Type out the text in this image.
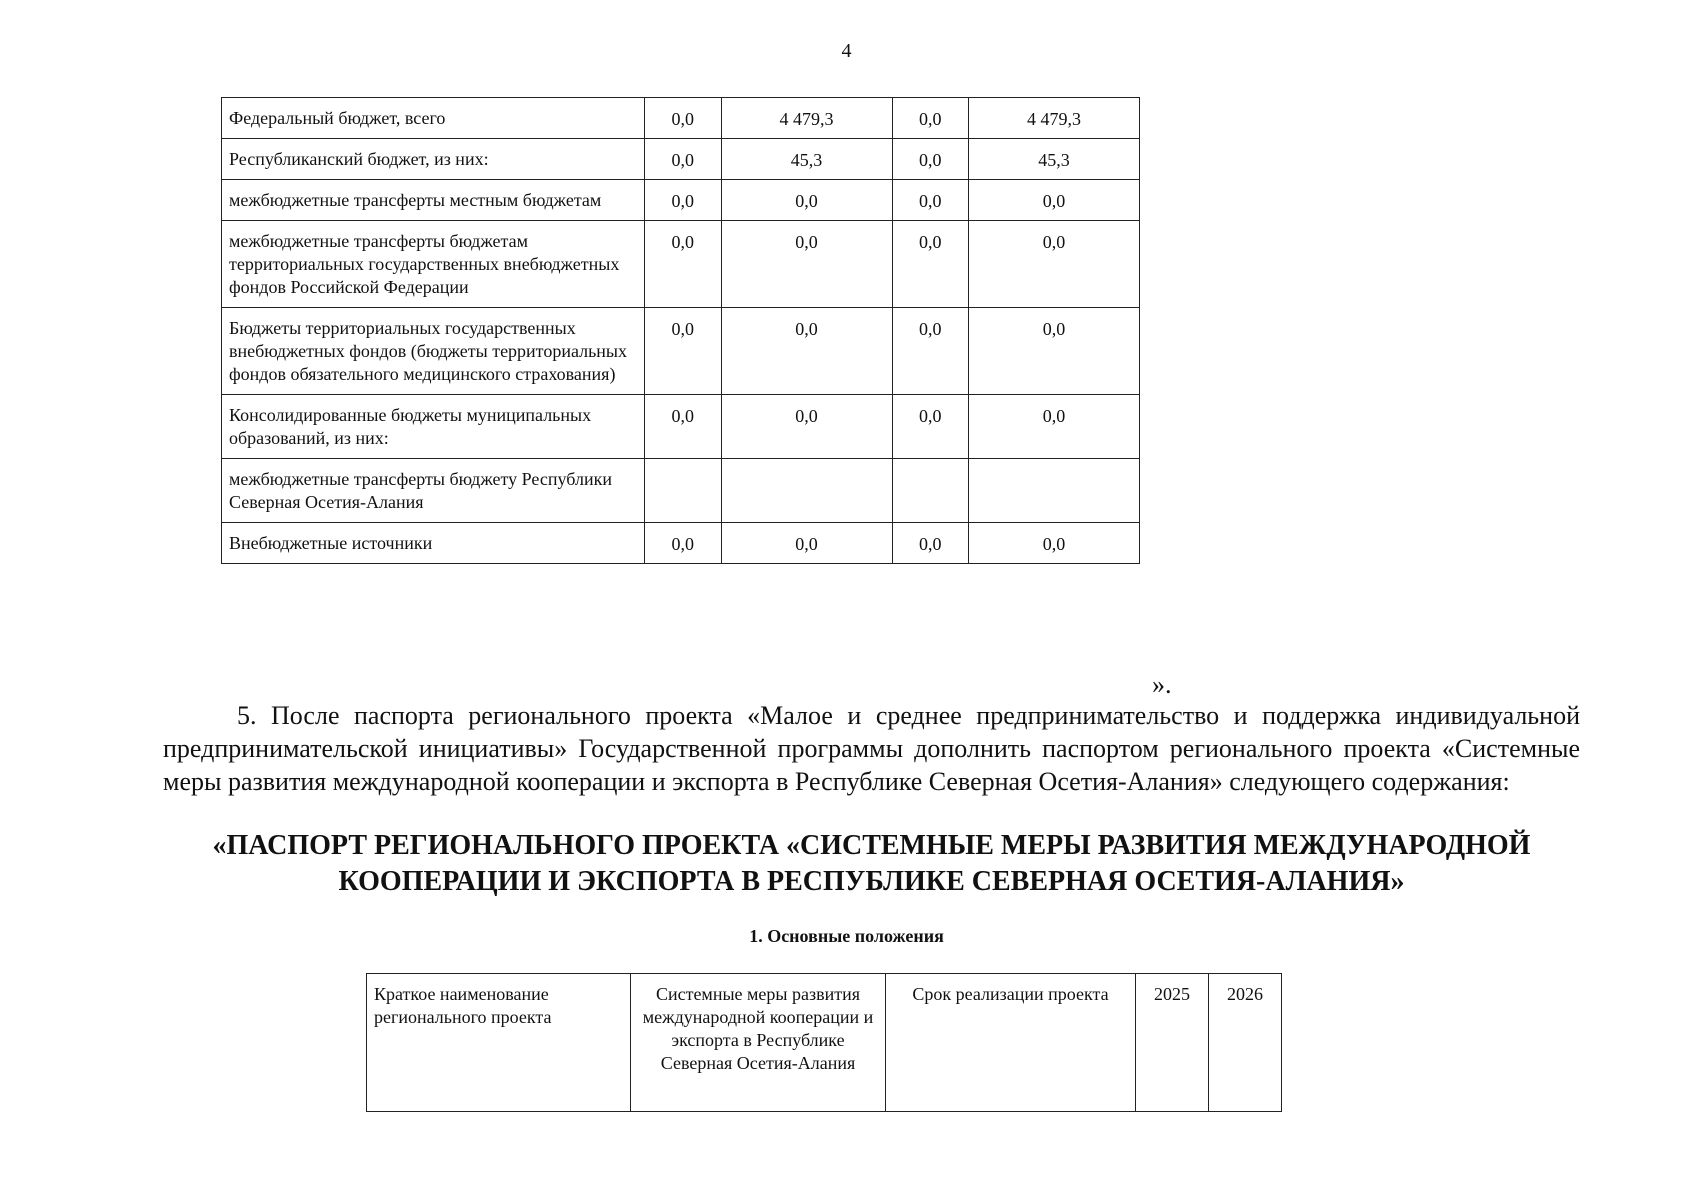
4
Федеральный бюджет, всего	0,0	4 479,3	0,0	4 479,3
Республиканский бюджет, из них:	0,0	45,3	0,0	45,3
межбюджетные трансферты местным бюджетам	0,0	0,0	0,0	0,0
межбюджетные трансферты бюджетам территориальных государственных внебюджетных фондов Российской Федерации	0,0	0,0	0,0	0,0
Бюджеты территориальных государственных внебюджетных фондов (бюджеты территориальных фондов обязательного медицинского страхования)	0,0	0,0	0,0	0,0
Консолидированные бюджеты муниципальных образований, из них:	0,0	0,0	0,0	0,0
межбюджетные трансферты бюджету Республики Северная Осетия-Алания				
Внебюджетные источники	0,0	0,0	0,0	0,0
».
5. После паспорта регионального проекта «Малое и среднее предпринимательство и поддержка индивидуальной предпринимательской инициативы» Государственной программы дополнить паспортом регионального проекта «Системные меры развития международной кооперации и экспорта в Республике Северная Осетия-Алания» следующего содержания:
«ПАСПОРТ РЕГИОНАЛЬНОГО ПРОЕКТА «СИСТЕМНЫЕ МЕРЫ РАЗВИТИЯ МЕЖДУНАРОДНОЙ КООПЕРАЦИИ И ЭКСПОРТА В РЕСПУБЛИКЕ СЕВЕРНАЯ ОСЕТИЯ-АЛАНИЯ»
1. Основные положения
Краткое наименование регионального проекта	Системные меры развития международной кооперации и экспорта в Республике Северная Осетия-Алания	Срок реализации проекта	2025	2026
